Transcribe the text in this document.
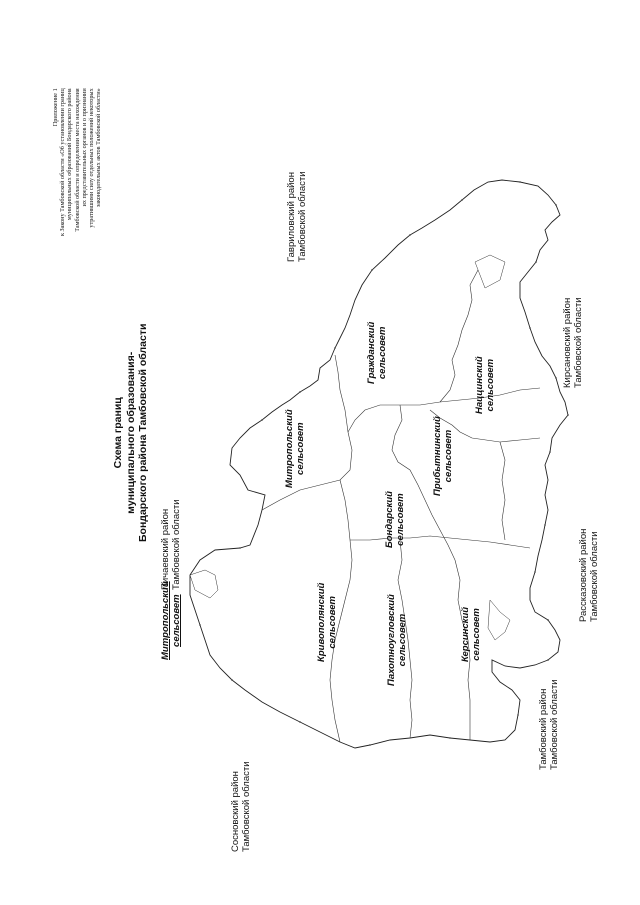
Приложение 1 к Закону Тамбовской области «Об установлении границ муниципальных образований Бондарского района Тамбовской области и определении места нахождения их представительных органов и о признании утратившими силу отдельных положений некоторых законодательных актов Тамбовской области»
Схема границ муниципального образования- Бондарского района Тамбовской области
Гавриловский район Тамбовской области
Пичаевский район Тамбовской области
Сосновский район Тамбовской области
Тамбовский район Тамбовской области
Рассказовский район Тамбовской области
Кирсановский район Тамбовской области
Митропольский сельсовет
Митропольский сельсовет
Гражданский сельсовет
Прибытнинский сельсовет
Наццинский сельсовет
Бондарский сельсовет
Кривополянский сельсовет	Пахотноугловский сельсовет	Керсинский сельсовет
